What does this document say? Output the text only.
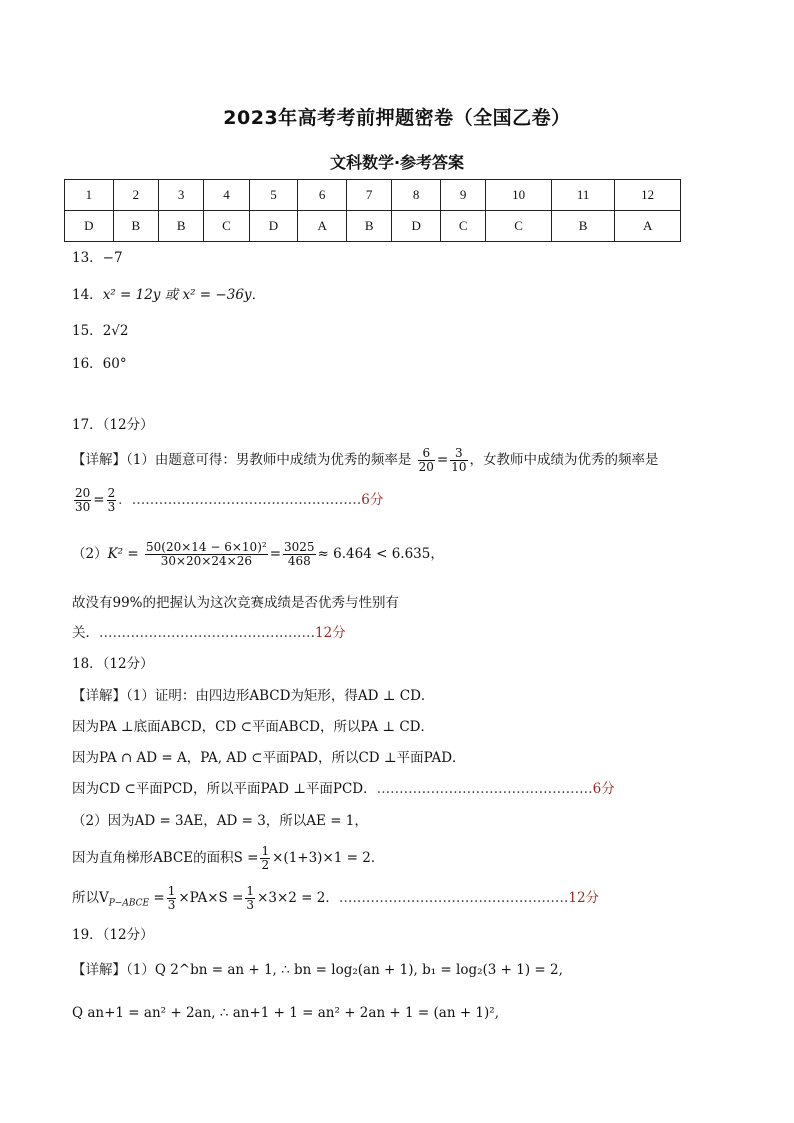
2023年高考考前押题密卷（全国乙卷）
文科数学·参考答案
1	2	3	4	5	6	7	8	9	10	11	12
D	B	B	C	D	A	B	D	C	C	B	A
13．−7
14．x² = 12y 或 x² = −36y．
15．2√2
16．60°
17．（12分）
【详解】（1）由题意可得：男教师中成绩为优秀的频率是 $\frac{6}{20} = \frac{3}{10}$ ，女教师中成绩为优秀的频率是
$\frac{20}{30} = \frac{2}{3}$ ．……………………………………………6分
$(2)K^2 = \frac{\text{50(20×14 − 6×10)²}}{30\times 20\times 24\times 26} = \frac{3025}{468} \approx 6.464 < 6.635$，
故没有99%的把握认为这次竞赛成绩是否优秀与性别有
关．…………………………………………12分
18．（12分）
【详解】（1）证明：由四边形ABCD为矩形，得AD ⊥ CD．
因为PA ⊥底面ABCD，CD ⊂平面ABCD，所以PA ⊥ CD．
因为PA ∩ AD = A，PA, AD ⊂平面PAD，所以CD ⊥平面PAD．
因为CD ⊂平面PCD，所以平面PAD ⊥平面PCD．…………………………………………6分
（2）因为AD = 3AE，AD = 3，所以AE = 1，
因为直角梯形ABCE的面积$S = \frac{1}{2} \times(1+3)\times 1 = 2$．
所以$V_{P-ABCE} = \frac{1}{3} \times PA\times S = \frac{1}{3} \times 3\times 2 = 2$．……………………………………………12分
19．（12分）
【详解】（1）Q 2^bn = an + 1, ∴ bn = log₂(an + 1), b₁ = log₂(3 + 1) = 2,
Q an+1 = an² + 2an, ∴ an+1 + 1 = an² + 2an + 1 = (an + 1)²,
